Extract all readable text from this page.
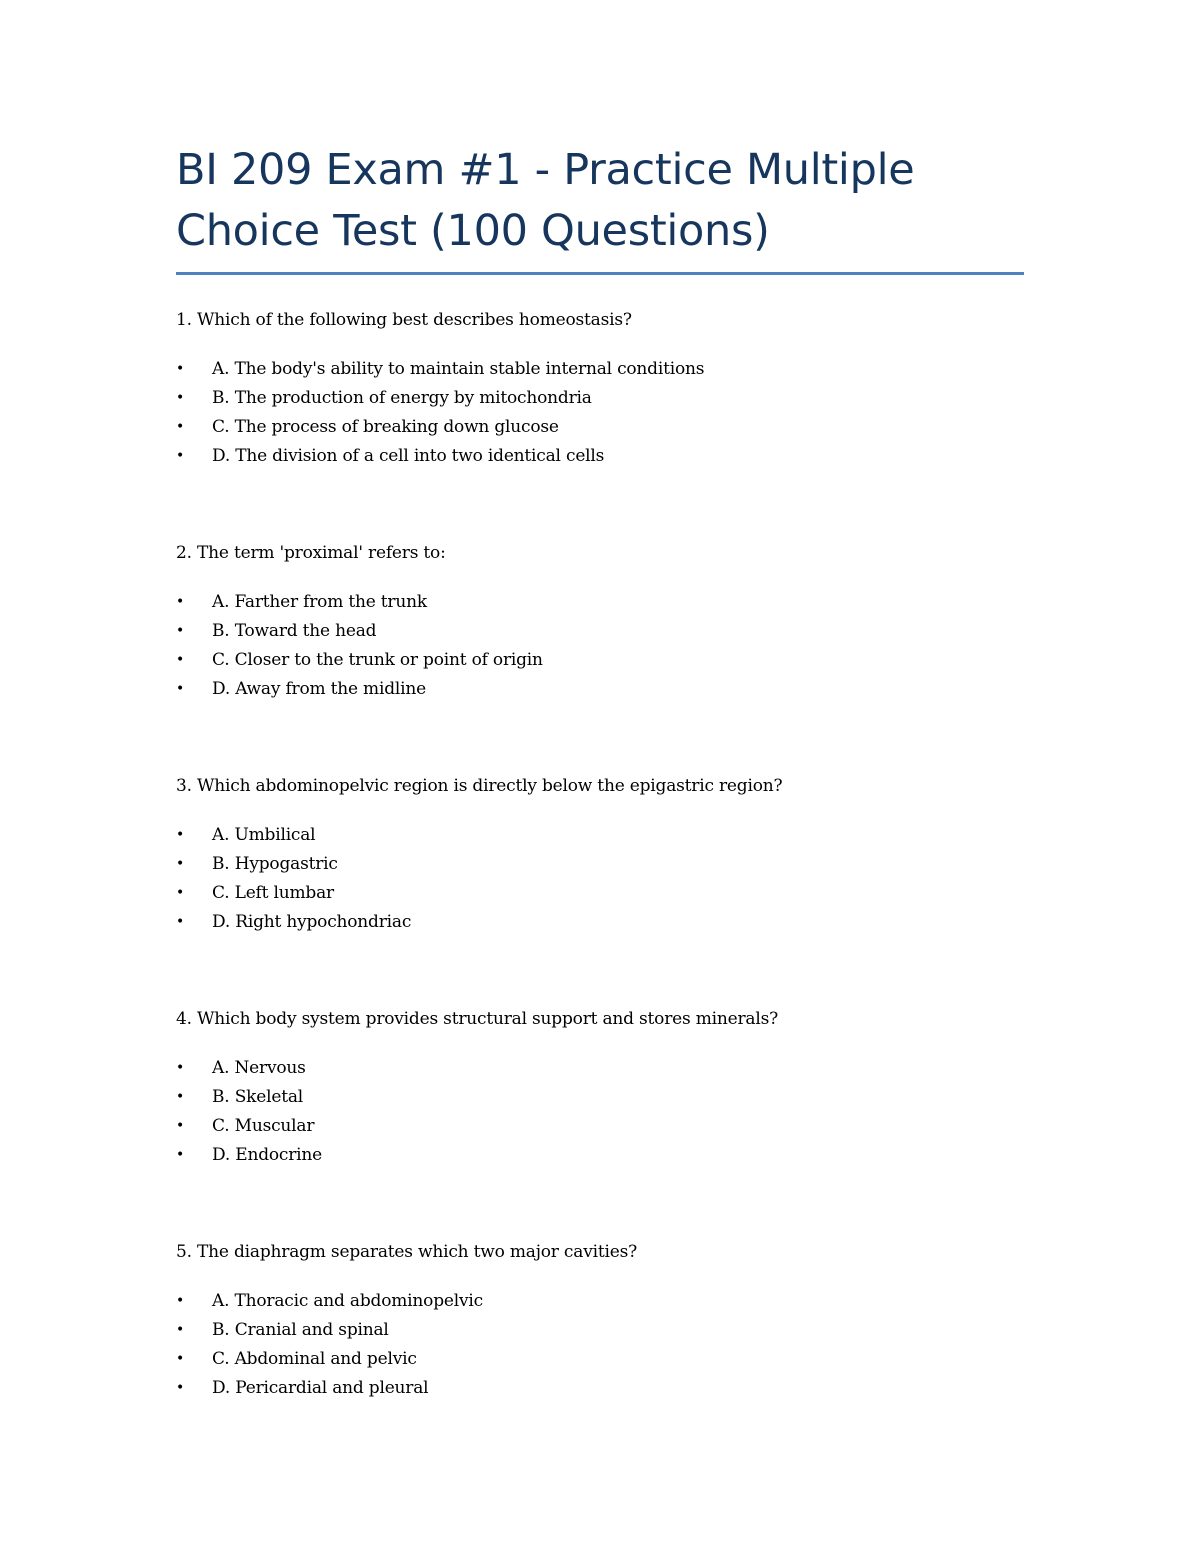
BI 209 Exam #1 - Practice Multiple
Choice Test (100 Questions)

1. Which of the following best describes homeostasis?

• A. The body's ability to maintain stable internal conditions
• B. The production of energy by mitochondria
• C. The process of breaking down glucose
• D. The division of a cell into two identical cells

2. The term 'proximal' refers to:

• A. Farther from the trunk
• B. Toward the head
• C. Closer to the trunk or point of origin
• D. Away from the midline

3. Which abdominopelvic region is directly below the epigastric region?

• A. Umbilical
• B. Hypogastric
• C. Left lumbar
• D. Right hypochondriac

4. Which body system provides structural support and stores minerals?

• A. Nervous
• B. Skeletal
• C. Muscular
• D. Endocrine

5. The diaphragm separates which two major cavities?

• A. Thoracic and abdominopelvic
• B. Cranial and spinal
• C. Abdominal and pelvic
• D. Pericardial and pleural
